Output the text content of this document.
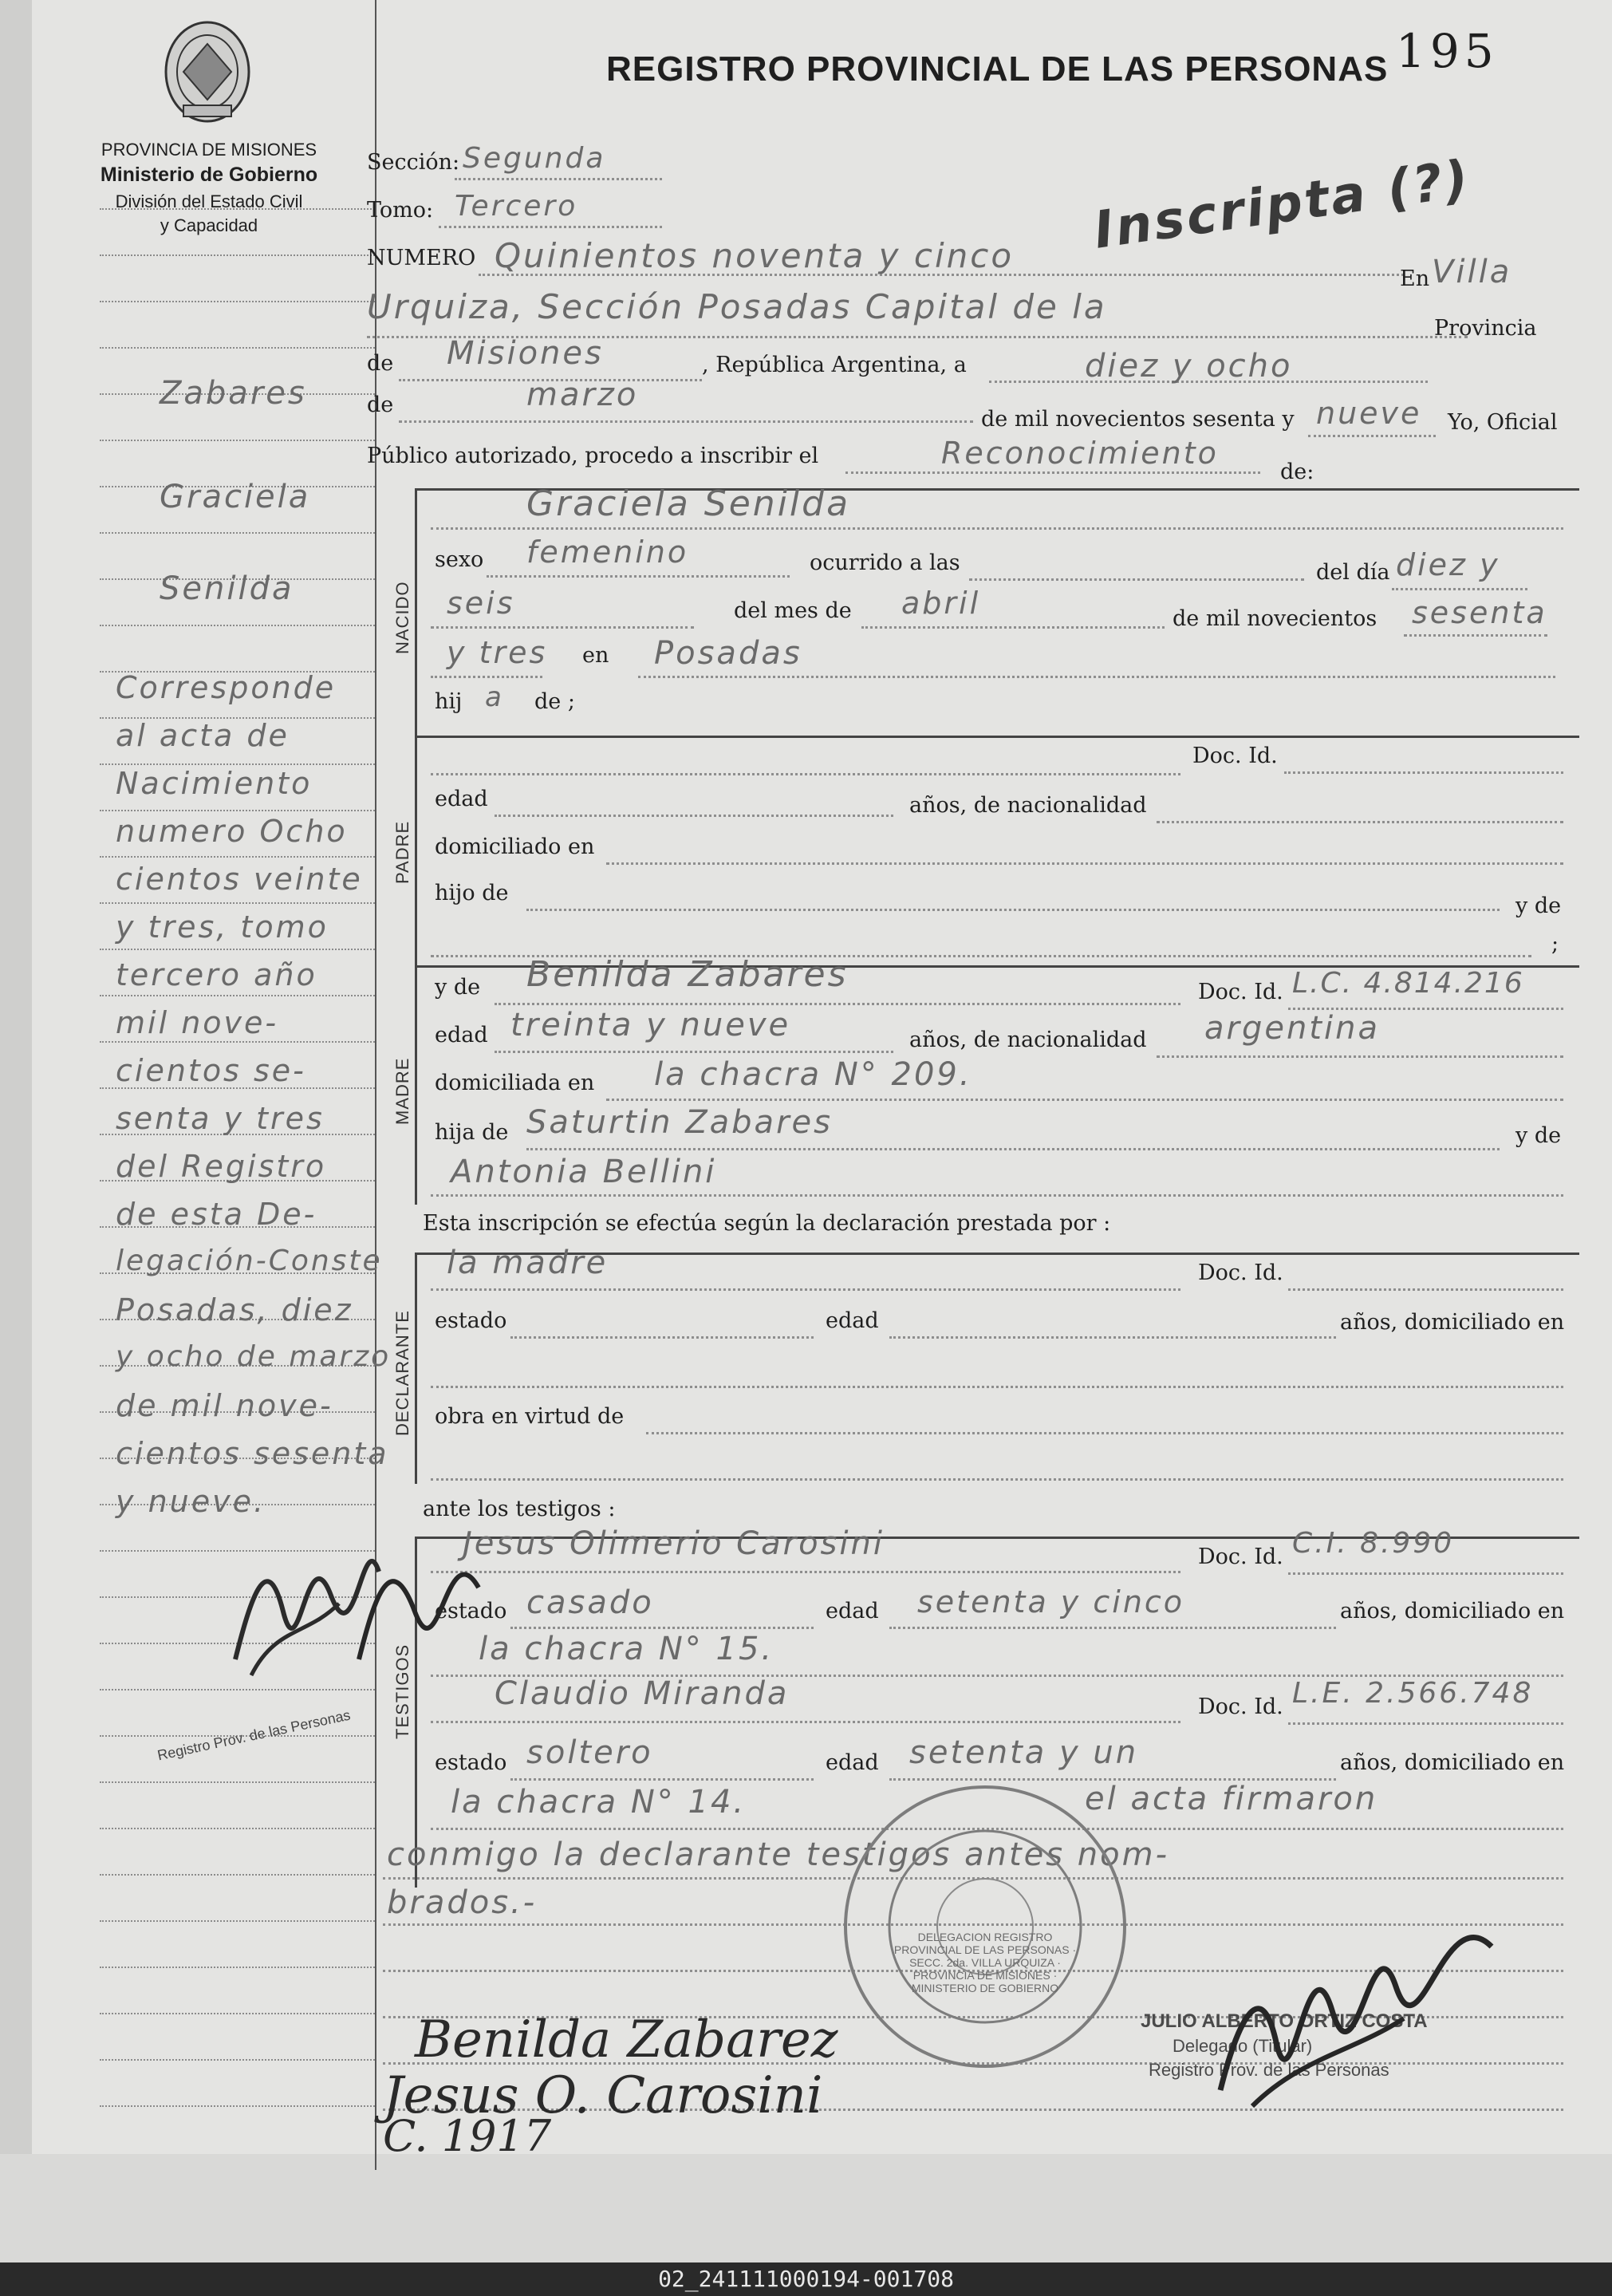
Zabares
Graciela
Senilda
Corresponde
al acta de
Nacimiento
numero Ocho
cientos veinte
y tres, tomo
tercero año
mil nove-
cientos se-
senta y tres
del Registro
de esta De-
legación-Conste
Posadas, diez
y ocho de marzo
de mil nove-
cientos sesenta
y nueve.
Registro Prov. de las Personas
PROVINCIA DE MISIONES
Ministerio de Gobierno
División del Estado Civil
y Capacidad
REGISTRO PROVINCIAL DE LAS PERSONAS 195
Inscripta (?)
Sección: Segunda
Tomo: Tercero
NUMERO Quinientos noventa y cinco
En Villa
Urquiza, Sección Posadas Capital de la
Provincia
de Misiones	, República Argentina, a	diez y ocho
de	marzo
de mil novecientos sesenta y nueve Yo, Oficial
Público autorizado, procedo a inscribir el	Reconocimiento
de:
NACIDO
Graciela Senilda
sexo femenino	ocurrido a las	del día diez y
seis	del mes de abril	de mil novecientos sesenta
y tres en Posadas
hij a de ;
PADRE
Doc. Id.
edad	años, de nacionalidad
domiciliado en
hijo de
y de
;
MADRE
y de Benilda Zabares	Doc. Id. L.C. 4.814.216
edad treinta y nueve	años, de nacionalidad argentina
domiciliada en la chacra N° 209.
hija de Saturtin Zabares	y de
Antonia Bellini
Esta inscripción se efectúa según la declaración prestada por :
DECLARANTE
la madre	Doc. Id.
estado	edad	años, domiciliado en
obra en virtud de
ante los testigos :
TESTIGOS
Jesus Olimerio Carosini	Doc. Id. C.I. 8.990
estado casado	edad setenta y cinco	años, domiciliado en
la chacra N° 15.
Claudio Miranda	Doc. Id. L.E. 2.566.748
estado soltero	edad setenta y un	años, domiciliado en
la chacra N° 14.	el acta firmaron
conmigo la declarante testigos antes nom-
brados.-
DELEGACION REGISTRO PROVINCIAL DE LAS PERSONAS · SECC. 2da. VILLA URQUIZA · PROVINCIA DE MISIONES · MINISTERIO DE GOBIERNO
JULIO ALBERTO ORTIZ COSTA
Delegado (Titular)
Registro Prov. de las Personas
Benilda Zabarez
Jesus O. Carosini
C. 1917
02_241111000194-001708
